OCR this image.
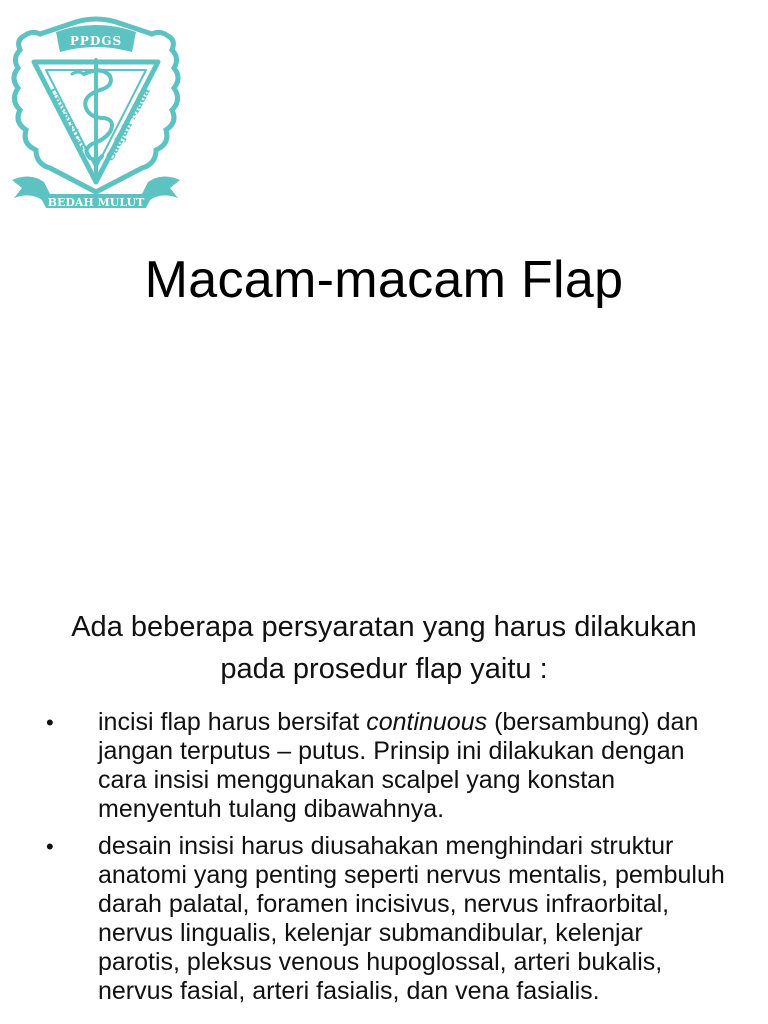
PPDGS
Universitas Gadjah Mada
BEDAH MULUT
Macam-macam Flap
Ada beberapa persyaratan yang harus dilakukan pada prosedur flap yaitu :
• incisi flap harus bersifat continuous (bersambung) dan jangan terputus – putus. Prinsip ini dilakukan dengan cara insisi menggunakan scalpel yang konstan menyentuh tulang dibawahnya.
• desain insisi harus diusahakan menghindari struktur anatomi yang penting seperti nervus mentalis, pembuluh darah palatal, foramen incisivus, nervus infraorbital, nervus lingualis, kelenjar submandibular, kelenjar parotis, pleksus venous hupoglossal, arteri bukalis, nervus fasial, arteri fasialis, dan vena fasialis.
